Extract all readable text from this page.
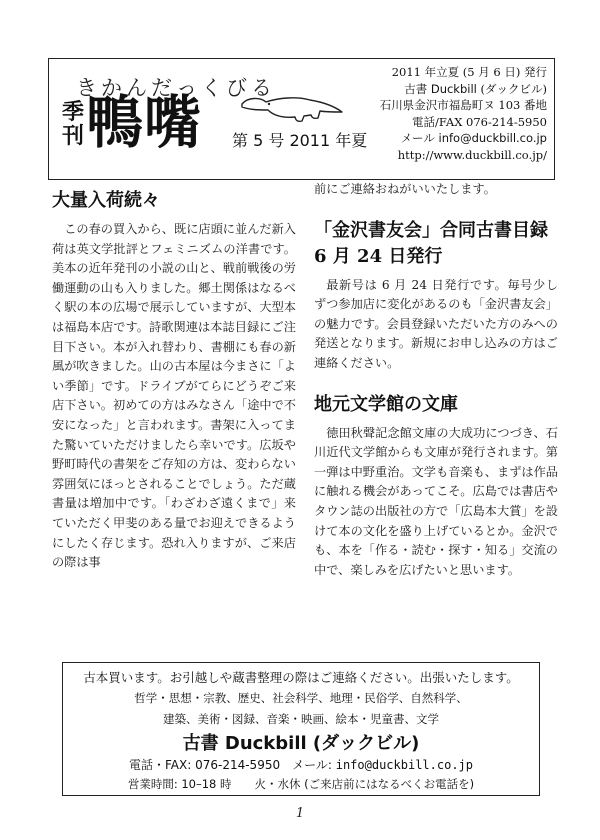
きかんだっくびる
季刊 鴨嘴 第 5 号 2011 年夏
2011 年立夏 (5 月 6 日) 発行
古書 Duckbill (ダックビル)
石川県金沢市福島町ヌ 103 番地
電話/FAX 076-214-5950
メール info@duckbill.co.jp
http://www.duckbill.co.jp/
大量入荷続々

この春の買入から、既に店頭に並んだ新入荷は英文学批評とフェミニズムの洋書です。美本の近年発刊の小説の山と、戦前戦後の労働運動の山も入りました。郷土関係はなるべく駅の本の広場で展示していますが、大型本は福島本店です。詩歌関連は本誌目録にご注目下さい。本が入れ替わり、書棚にも春の新風が吹きました。山の古本屋は今まさに「よい季節」です。ドライブがてらにどうぞご来店下さい。初めての方はみなさん「途中で不安になった」と言われます。書架に入ってまた驚いていただけましたら幸いです。広坂や野町時代の書架をご存知の方は、変わらない雰囲気にほっとされることでしょう。ただ蔵書量は増加中です。「わざわざ遠くまで」来ていただく甲斐のある量でお迎えできるようにしたく存じます。恐れ入りますが、ご来店の際は事

前にご連絡おねがいいたします。

「金沢書友会」合同古書目録
6 月 24 日発行

最新号は 6 月 24 日発行です。毎号少しずつ参加店に変化があるのも「金沢書友会」の魅力です。会員登録いただいた方のみへの発送となります。新規にお申し込みの方はご連絡ください。

地元文学館の文庫

徳田秋聲記念館文庫の大成功につづき、石川近代文学館からも文庫が発行されます。第一弾は中野重治。文学も音楽も、まずは作品に触れる機会があってこそ。広島では書店やタウン誌の出版社の方で「広島本大賞」を設けて本の文化を盛り上げているとか。金沢でも、本を「作る・読む・探す・知る」交流の中で、楽しみを広げたいと思います。

古本買います。お引越しや蔵書整理の際はご連絡ください。出張いたします。
哲学・思想・宗教、歴史、社会科学、地理・民俗学、自然科学、
建築、美術・図録、音楽・映画、絵本・児童書、文学
古書 Duckbill (ダックビル)
電話・FAX: 076-214-5950　メール: info@duckbill.co.jp
営業時間: 10–18 時　　火・水休 (ご来店前にはなるべくお電話を)
1
